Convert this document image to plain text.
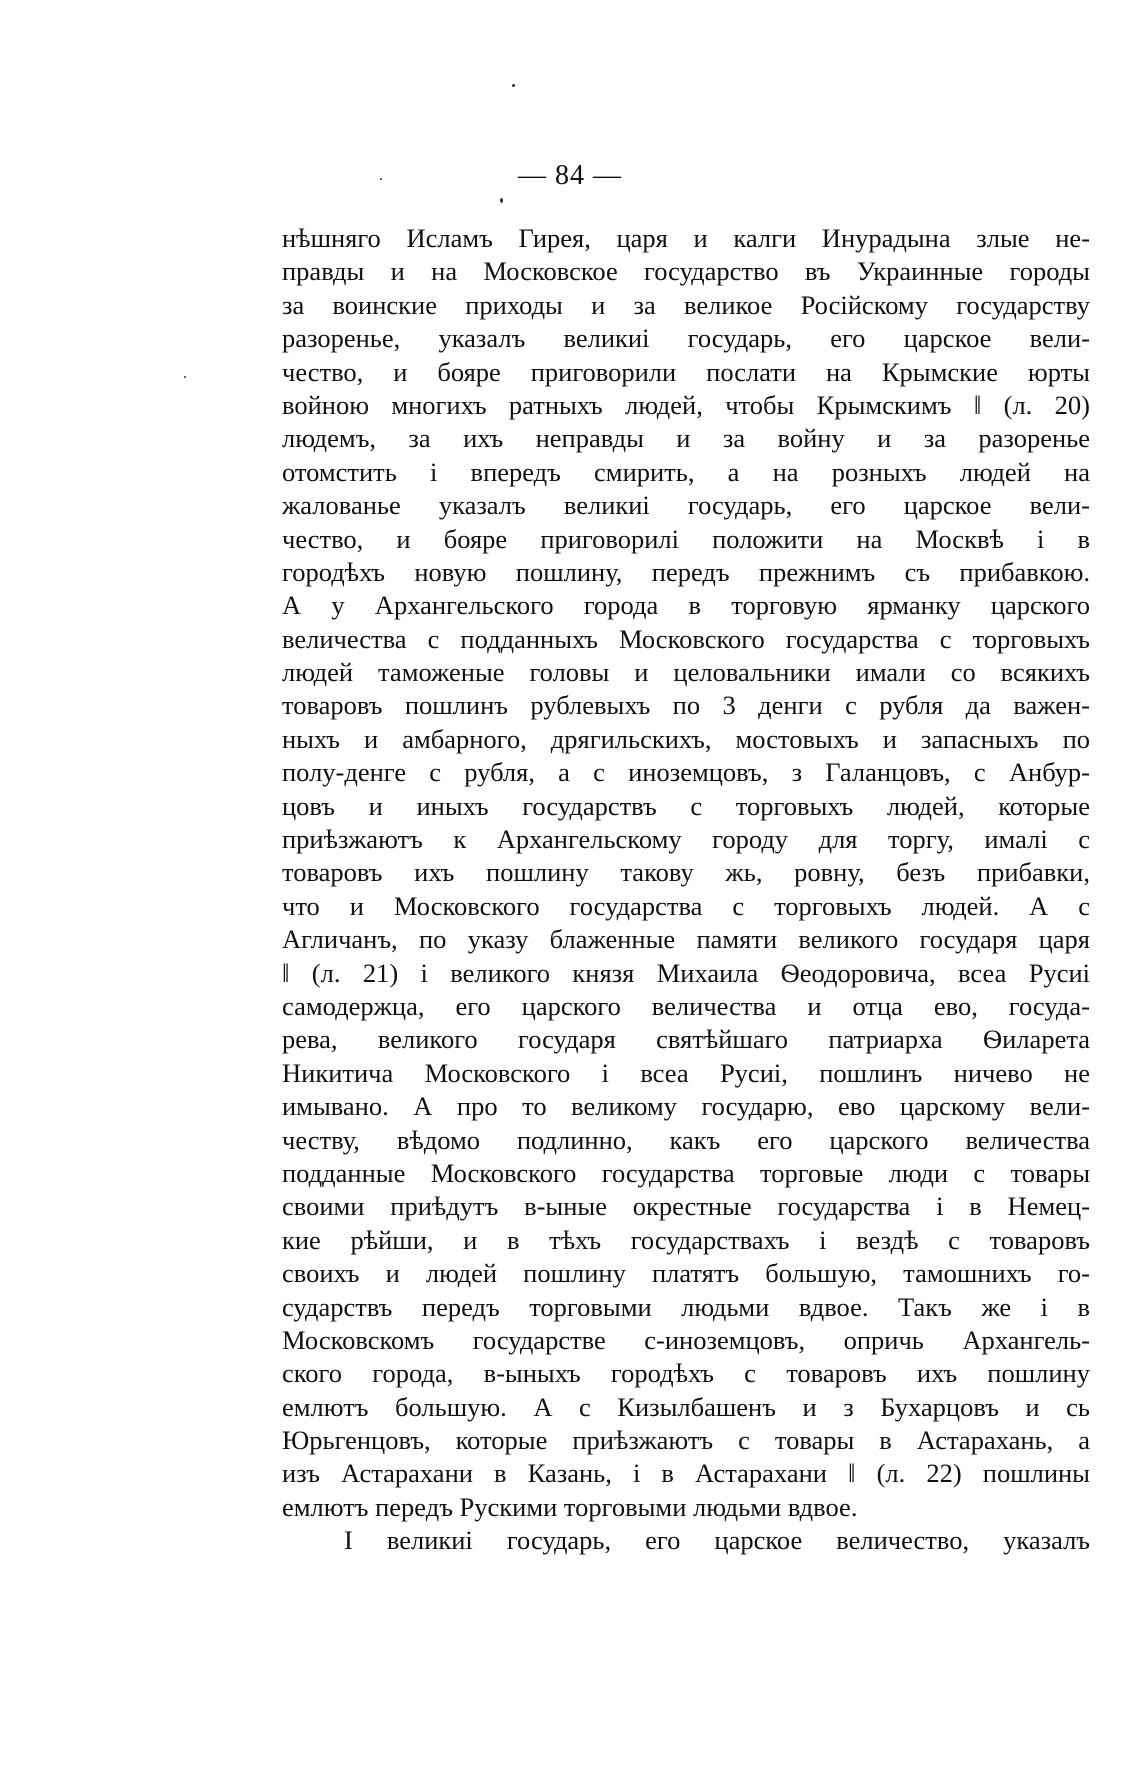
— 84 —
нѣшняго Исламъ Гирея, царя и калги Инурадына злые не-
правды и на Московское государство въ Украинные городы
за воинские приходы и за великое Російскому государству
разоренье, указалъ великиі государь, его царское вели-
чество, и бояре приговорили послати на Крымские юрты
войною многихъ ратныхъ людей, чтобы Крымскимъ ‖ (л. 20)
людемъ, за ихъ неправды и за войну и за разоренье
отомстить і впередъ смирить, а на розныхъ людей на
жалованье указалъ великиі государь, его царское вели-
чество, и бояре приговорилі положити на Москвѣ і в
городѣхъ новую пошлину, передъ прежнимъ съ прибавкою.
А у Архангельского города в торговую ярманку царского
величества с подданныхъ Московского государства с торговыхъ
людей таможеные головы и целовальники имали со всякихъ
товаровъ пошлинъ рублевыхъ по 3 денги с рубля да важен-
ныхъ и амбарного, дрягильскихъ, мостовыхъ и запасныхъ по
полу-денге с рубля, а с иноземцовъ, з Галанцовъ, с Анбур-
цовъ и иныхъ государствъ с торговыхъ людей, которые
приѣзжаютъ к Архангельскому городу для торгу, ималі с
товаровъ ихъ пошлину такову жь, ровну, безъ прибавки,
что и Московского государства с торговыхъ людей. А с
Агличанъ, по указу блаженные памяти великого государя царя
‖ (л. 21) і великого князя Михаила Ѳеодоровича, всеа Русиі
самодержца, его царского величества и отца ево, госуда-
рева, великого государя святѣйшаго патриарха Ѳиларета
Никитича Московского і всеа Русиі, пошлинъ ничево не
имывано. А про то великому государю, ево царскому вели-
честву, вѣдомо подлинно, какъ его царского величества
подданные Московского государства торговые люди с товары
своими приѣдутъ в-ыные окрестные государства і в Немец-
кие рѣйши, и в тѣхъ государствахъ і вездѣ с товаровъ
своихъ и людей пошлину платятъ большую, тамошнихъ го-
сударствъ передъ торговыми людьми вдвое. Такъ же і в
Московскомъ государстве с-иноземцовъ, опричь Архангель-
ского города, в-ыныхъ городѣхъ с товаровъ ихъ пошлину
емлютъ большую. А с Кизылбашенъ и з Бухарцовъ и сь
Юрьгенцовъ, которые приѣзжаютъ с товары в Астарахань, а
изъ Астарахани в Казань, і в Астарахани ‖ (л. 22) пошлины
емлютъ передъ Рускими торговыми людьми вдвое.
І великиі государь, его царское величество, указалъ
